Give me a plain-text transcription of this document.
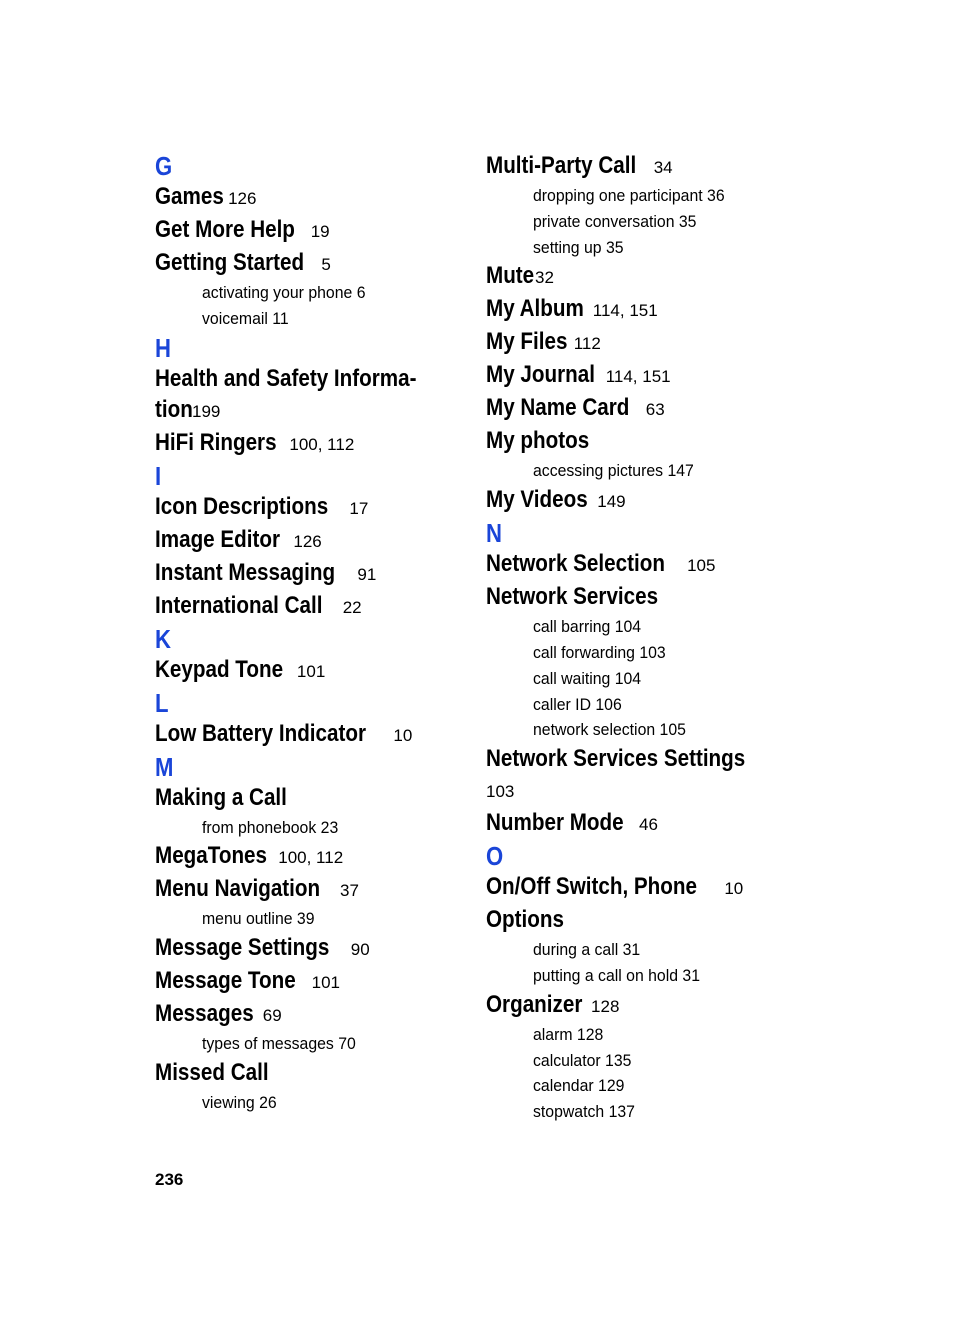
G
Games 126
Get More Help 19
Getting Started 5
activating your phone 6
voicemail 11
H
Health and Safety Informa-
tion199
HiFi Ringers 100, 112
I
Icon Descriptions 17
Image Editor 126
Instant Messaging 91
International Call 22
K
Keypad Tone 101
L
Low Battery Indicator 10
M
Making a Call
from phonebook 23
MegaTones 100, 112
Menu Navigation 37
menu outline 39
Message Settings 90
Message Tone 101
Messages 69
types of messages 70
Missed Call
viewing 26
Multi-Party Call 34
dropping one participant 36
private conversation 35
setting up 35
Mute32
My Album 114, 151
My Files 112
My Journal 114, 151
My Name Card 63
My photos
accessing pictures 147
My Videos 149
N
Network Selection 105
Network Services
call barring 104
call forwarding 103
call waiting 104
caller ID 106
network selection 105
Network Services Settings
103
Number Mode 46
O
On/Off Switch, Phone 10
Options
during a call 31
putting a call on hold 31
Organizer 128
alarm 128
calculator 135
calendar 129
stopwatch 137
236
